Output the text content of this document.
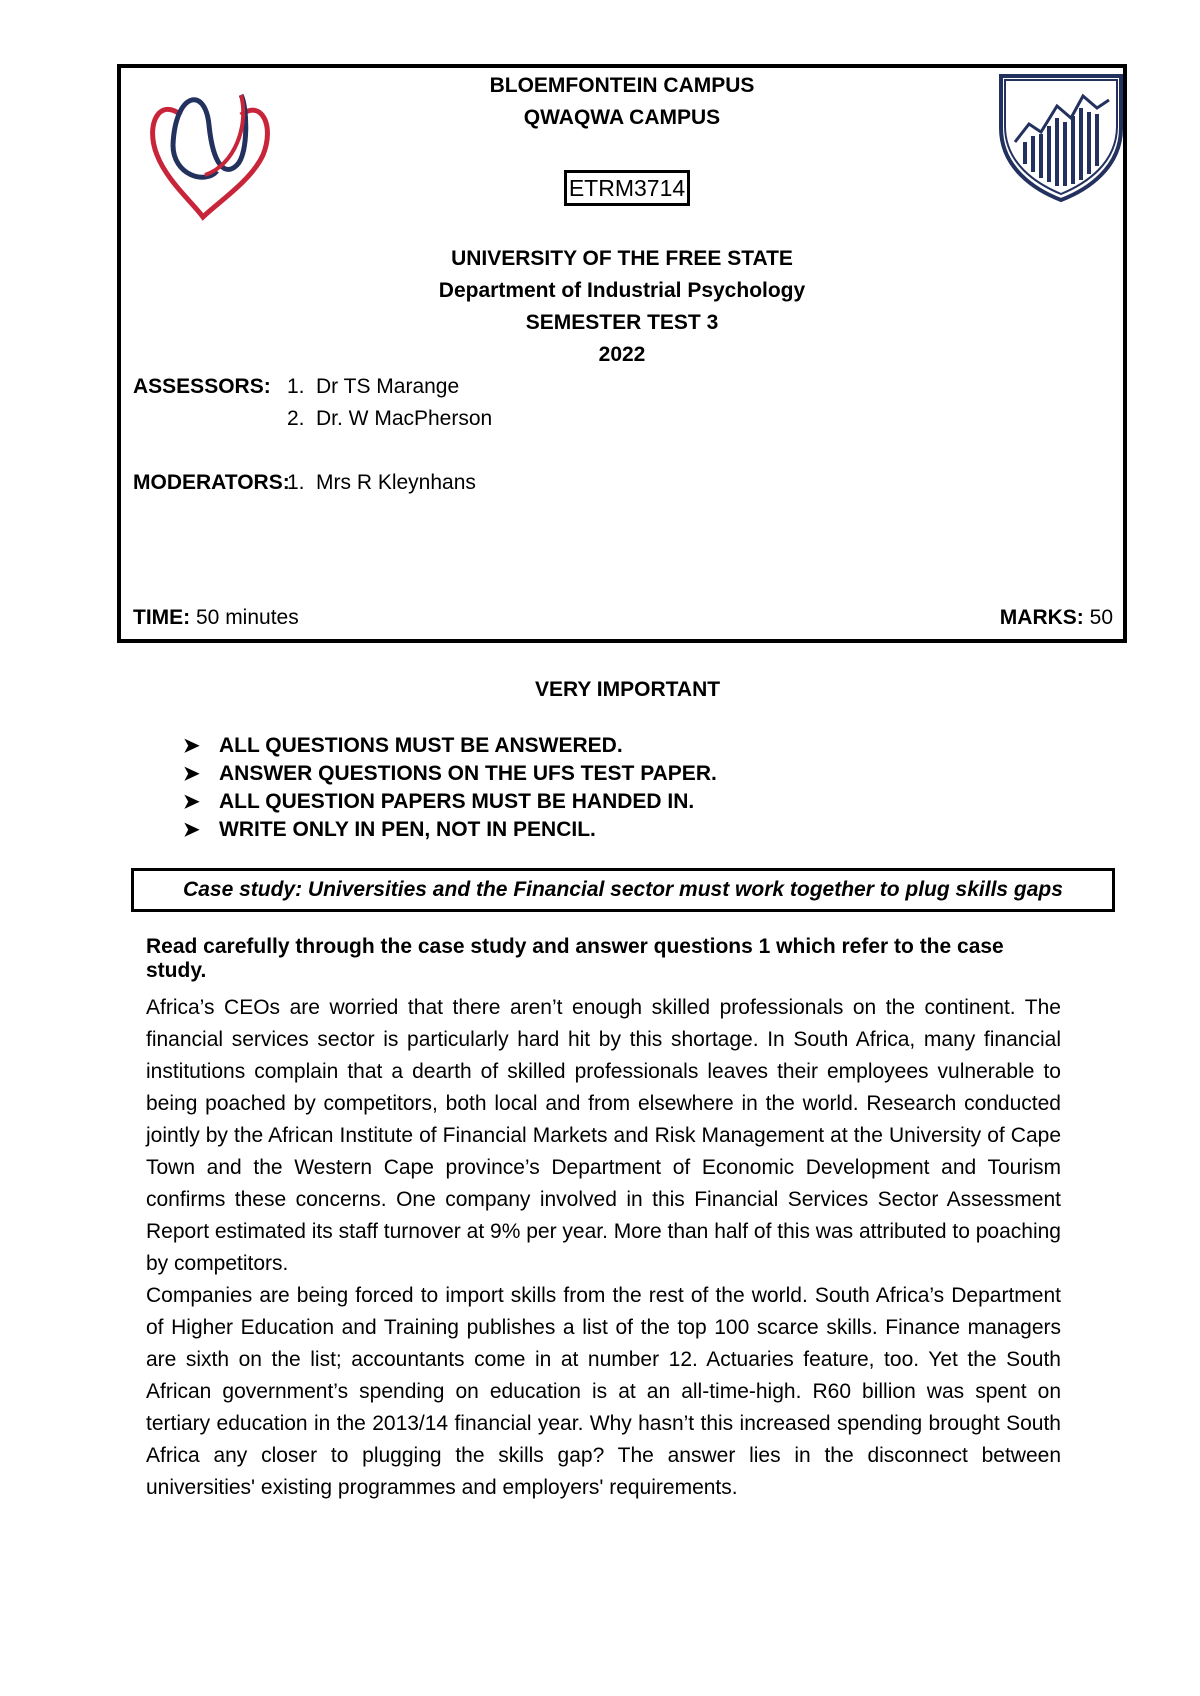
BLOEMFONTEIN CAMPUS
QWAQWA CAMPUS
ETRM3714
UNIVERSITY OF THE FREE STATE
Department of Industrial Psychology
SEMESTER TEST 3
2022
ASSESSORS: 1. Dr TS Marange
2. Dr. W MacPherson
MODERATORS:
1. Mrs R Kleynhans
TIME: 50 minutes	MARKS: 50
VERY IMPORTANT
➤ ALL QUESTIONS MUST BE ANSWERED.
➤ ANSWER QUESTIONS ON THE UFS TEST PAPER.
➤ ALL QUESTION PAPERS MUST BE HANDED IN.
➤ WRITE ONLY IN PEN, NOT IN PENCIL.
Case study: Universities and the Financial sector must work together to plug skills gaps
Read carefully through the case study and answer questions 1 which refer to the case study.

Africa’s CEOs are worried that there aren’t enough skilled professionals on the continent. The financial services sector is particularly hard hit by this shortage. In South Africa, many financial institutions complain that a dearth of skilled professionals leaves their employees vulnerable to being poached by competitors, both local and from elsewhere in the world. Research conducted jointly by the African Institute of Financial Markets and Risk Management at the University of Cape Town and the Western Cape province’s Department of Economic Development and Tourism confirms these concerns. One company involved in this Financial Services Sector Assessment Report estimated its staff turnover at 9% per year. More than half of this was attributed to poaching by competitors.

Companies are being forced to import skills from the rest of the world. South Africa’s Department of Higher Education and Training publishes a list of the top 100 scarce skills. Finance managers are sixth on the list; accountants come in at number 12. Actuaries feature, too. Yet the South African government’s spending on education is at an all-time-high. R60 billion was spent on tertiary education in the 2013/14 financial year. Why hasn’t this increased spending brought South Africa any closer to plugging the skills gap? The answer lies in the disconnect between universities' existing programmes and employers' requirements.
